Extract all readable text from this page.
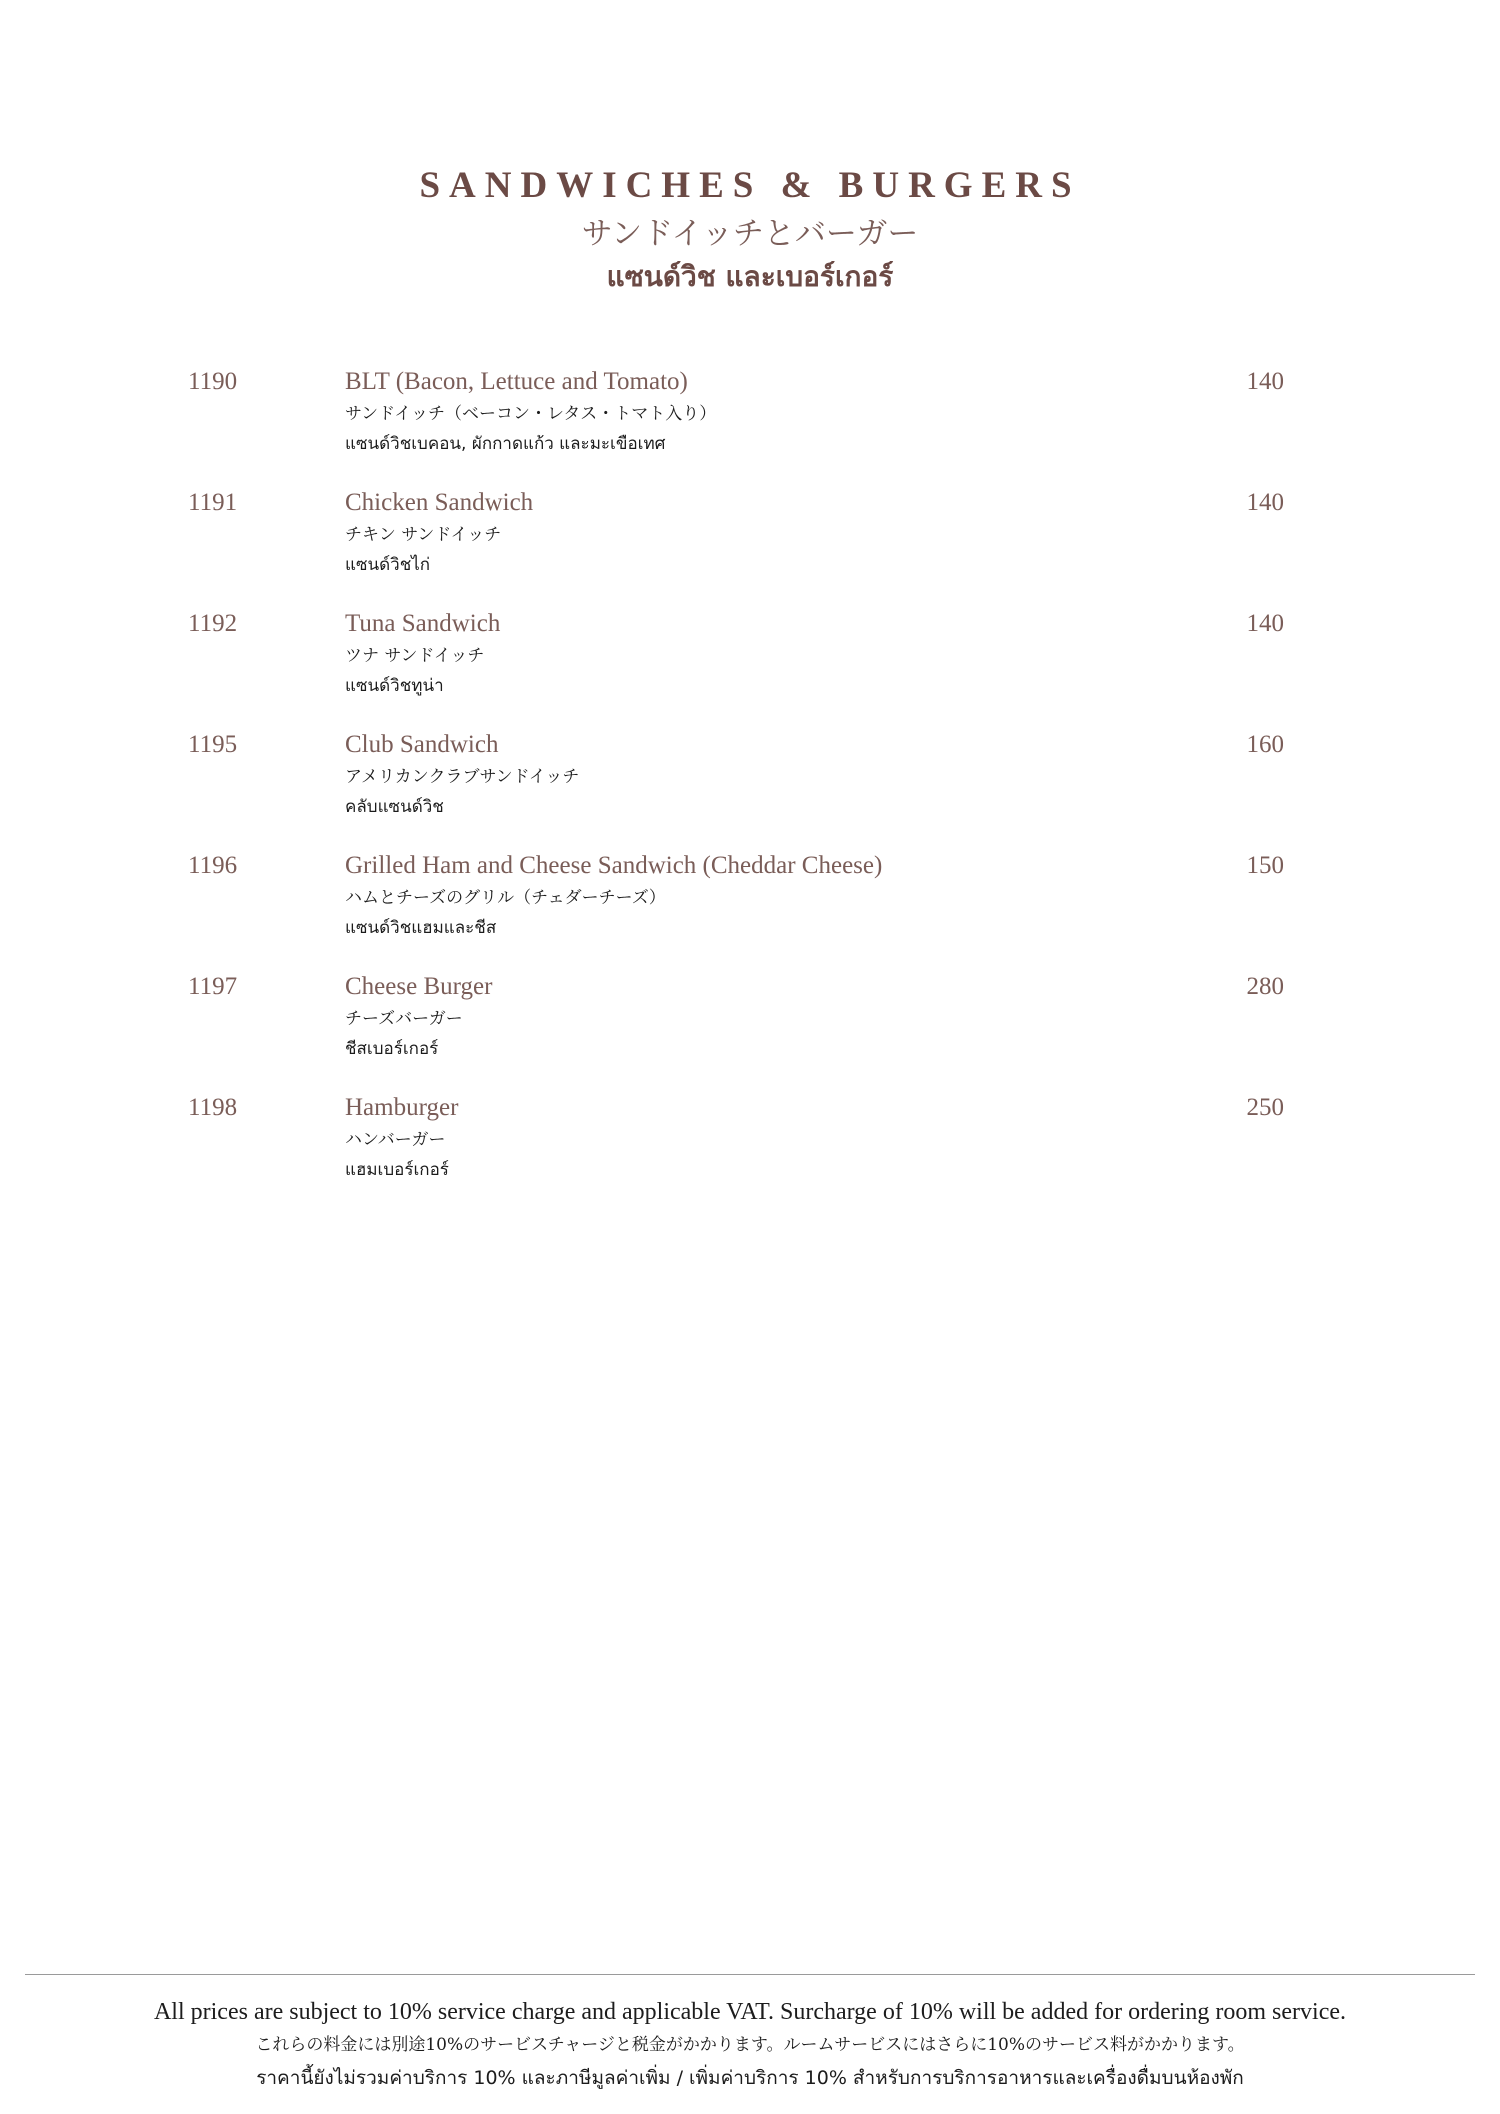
SANDWICHES & BURGERS
サンドイッチとバーガー
แซนด์วิช และเบอร์เกอร์
1190	BLT (Bacon, Lettuce and Tomato)	140
サンドイッチ（ベーコン・レタス・トマト入り）
แซนด์วิชเบคอน, ผักกาดแก้ว และมะเขือเทศ
1191	Chicken Sandwich	140
チキン サンドイッチ
แซนด์วิชไก่
1192	Tuna Sandwich	140
ツナ サンドイッチ
แซนด์วิชทูน่า
1195	Club Sandwich	160
アメリカンクラブサンドイッチ
คลับแซนด์วิช
1196	Grilled Ham and Cheese Sandwich (Cheddar Cheese)	150
ハムとチーズのグリル（チェダーチーズ）
แซนด์วิชแฮมและชีส
1197	Cheese Burger	280
チーズバーガー
ชีสเบอร์เกอร์
1198	Hamburger	250
ハンバーガー
แฮมเบอร์เกอร์
All prices are subject to 10% service charge and applicable VAT. Surcharge of 10% will be added for ordering room service.
これらの料金には別途10%のサービスチャージと税金がかかります。ルームサービスにはさらに10%のサービス料がかかります。
ราคานี้ยังไม่รวมค่าบริการ 10% และภาษีมูลค่าเพิ่ม / เพิ่มค่าบริการ 10% สำหรับการบริการอาหารและเครื่องดื่มบนห้องพัก
